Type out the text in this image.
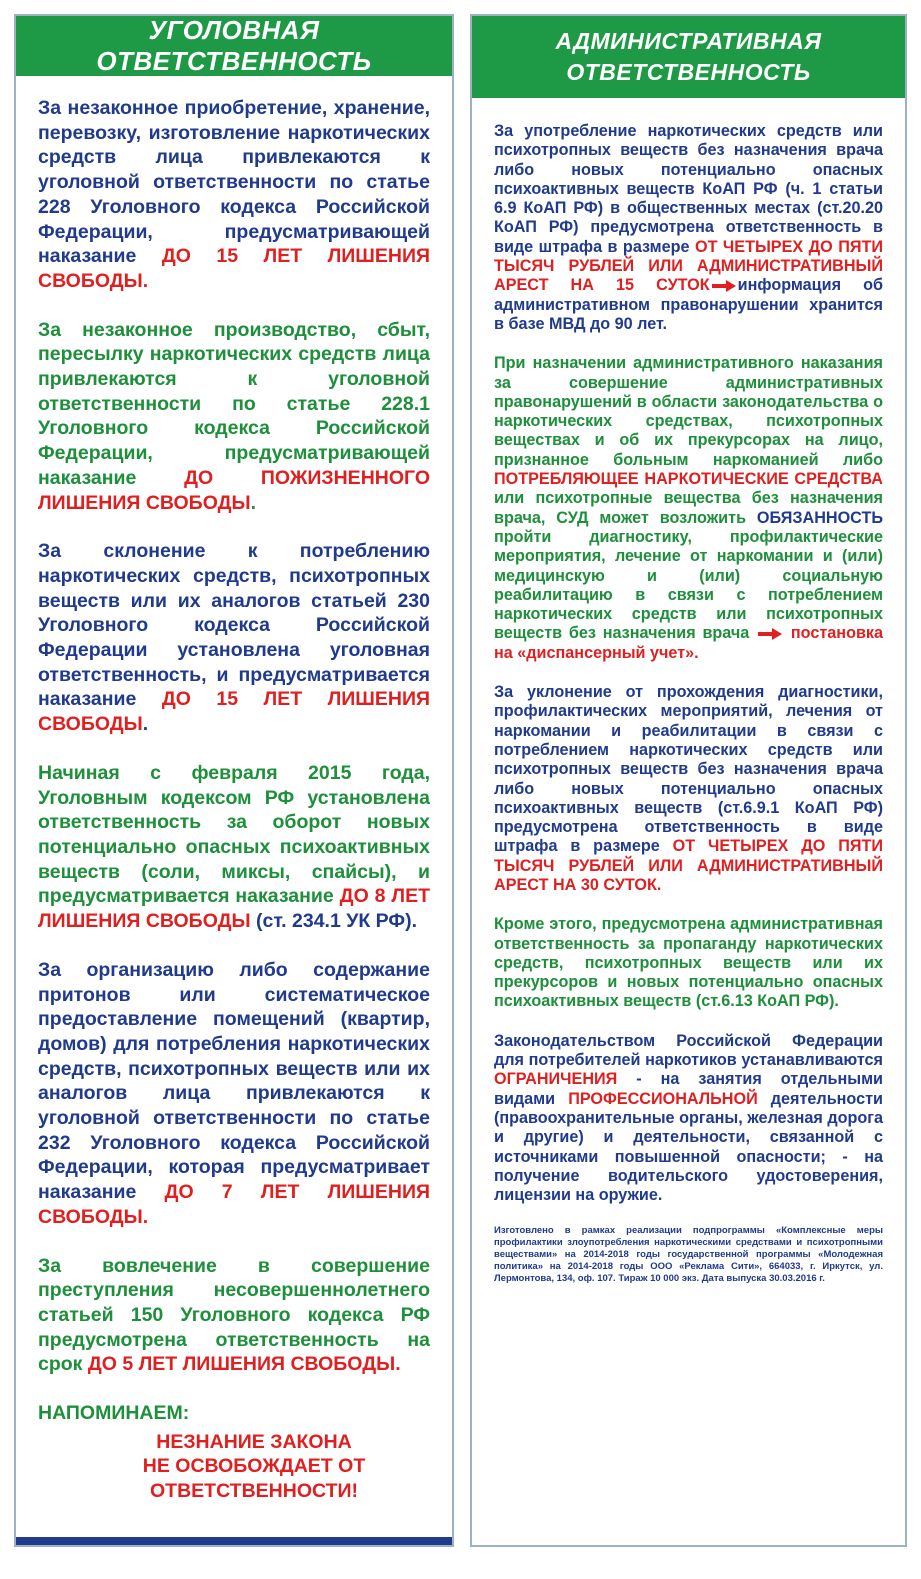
УГОЛОВНАЯ ОТВЕТСТВЕННОСТЬ
За незаконное приобретение, хранение, перевозку, изготовление наркотических средств лица привлекаются к уголовной ответственности по статье 228 Уголовного кодекса Российской Федерации, предусматривающей наказание ДО 15 ЛЕТ ЛИШЕНИЯ СВОБОДЫ.
За незаконное производство, сбыт, пересылку наркотических средств лица привлекаются к уголовной ответственности по статье 228.1 Уголовного кодекса Российской Федерации, предусматривающей наказание ДО ПОЖИЗНЕННОГО ЛИШЕНИЯ СВОБОДЫ.
За склонение к потреблению наркотических средств, психотропных веществ или их аналогов статьей 230 Уголовного кодекса Российской Федерации установлена уголовная ответственность, и предусматривается наказание ДО 15 ЛЕТ ЛИШЕНИЯ СВОБОДЫ.
Начиная с февраля 2015 года, Уголовным кодексом РФ установлена ответственность за оборот новых потенциально опасных психоактивных веществ (соли, миксы, спайсы), и предусматривается наказание ДО 8 ЛЕТ ЛИШЕНИЯ СВОБОДЫ (ст. 234.1 УК РФ).
За организацию либо содержание притонов или систематическое предоставление помещений (квартир, домов) для потребления наркотических средств, психотропных веществ или их аналогов лица привлекаются к уголовной ответственности по статье 232 Уголовного кодекса Российской Федерации, которая предусматривает наказание ДО 7 ЛЕТ ЛИШЕНИЯ СВОБОДЫ.
За вовлечение в совершение преступления несовершеннолетнего статьей 150 Уголовного кодекса РФ предусмотрена ответственность на срок ДО 5 ЛЕТ ЛИШЕНИЯ СВОБОДЫ.
НАПОМИНАЕМ:
НЕЗНАНИЕ ЗАКОНА
НЕ ОСВОБОЖДАЕТ ОТ
ОТВЕТСТВЕННОСТИ!
АДМИНИСТРАТИВНАЯ
ОТВЕТСТВЕННОСТЬ
За употребление наркотических средств или психотропных веществ без назначения врача либо новых потенциально опасных психоактивных веществ КоАП РФ (ч. 1 статьи 6.9 КоАП РФ) в общественных местах (ст.20.20 КоАП РФ) предусмотрена ответственность в виде штрафа в размере ОТ ЧЕТЫРЕХ ДО ПЯТИ ТЫСЯЧ РУБЛЕЙ ИЛИ АДМИНИСТРАТИВНЫЙ АРЕСТ НА 15 СУТОК информация об административном правонарушении хранится в базе МВД до 90 лет.
При назначении административного наказания за совершение административных правонарушений в области законодательства о наркотических средствах, психотропных веществах и об их прекурсорах на лицо, признанное больным наркоманией либо ПОТРЕБЛЯЮЩЕЕ НАРКОТИЧЕСКИЕ СРЕДСТВА или психотропные вещества без назначения врача, СУД может возложить ОБЯЗАННОСТЬ пройти диагностику, профилактические мероприятия, лечение от наркомании и (или) медицинскую и (или) социальную реабилитацию в связи с потреблением наркотических средств или психотропных веществ без назначения врача  постановка на «диспансерный учет».
За уклонение от прохождения диагностики, профилактических мероприятий, лечения от наркомании и реабилитации в связи с потреблением наркотических средств или психотропных веществ без назначения врача либо новых потенциально опасных психоактивных веществ (ст.6.9.1 КоАП РФ) предусмотрена ответственность в виде штрафа в размере ОТ ЧЕТЫРЕХ ДО ПЯТИ ТЫСЯЧ РУБЛЕЙ ИЛИ АДМИНИСТРАТИВНЫЙ АРЕСТ НА 30 СУТОК.
Кроме этого, предусмотрена административная ответственность за пропаганду наркотических средств, психотропных веществ или их прекурсоров и новых потенциально опасных психоактивных веществ (ст.6.13 КоАП РФ).
Законодательством Российской Федерации для потребителей наркотиков устанавливаются ОГРАНИЧЕНИЯ - на занятия отдельными видами ПРОФЕССИОНАЛЬНОЙ деятельности (правоохранительные органы, железная дорога и другие) и деятельности, связанной с источниками повышенной опасности; - на получение водительского удостоверения, лицензии на оружие.
Изготовлено в рамках реализации подпрограммы «Комплексные меры профилактики злоупотребления наркотическими средствами и психотропными веществами» на 2014-2018 годы государственной программы «Молодежная политика» на 2014-2018 годы ООО «Реклама Сити», 664033, г. Иркутск, ул. Лермонтова, 134, оф. 107. Тираж 10 000 экз. Дата выпуска 30.03.2016 г.
